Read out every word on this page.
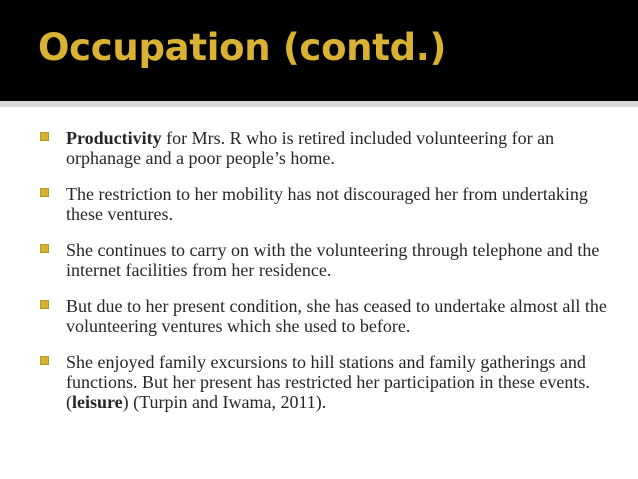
Occupation (contd.)
Productivity for Mrs. R who is retired included volunteering for an orphanage and a poor people’s home.
The restriction to her mobility has not discouraged her from undertaking these ventures.
She continues to carry on with the volunteering through telephone and the internet facilities from her residence.
But due to her present condition, she has ceased to undertake almost all the volunteering ventures which she used to before.
She enjoyed family excursions to hill stations and family gatherings and functions. But her present has restricted her participation in these events.(leisure) (Turpin and Iwama, 2011).
